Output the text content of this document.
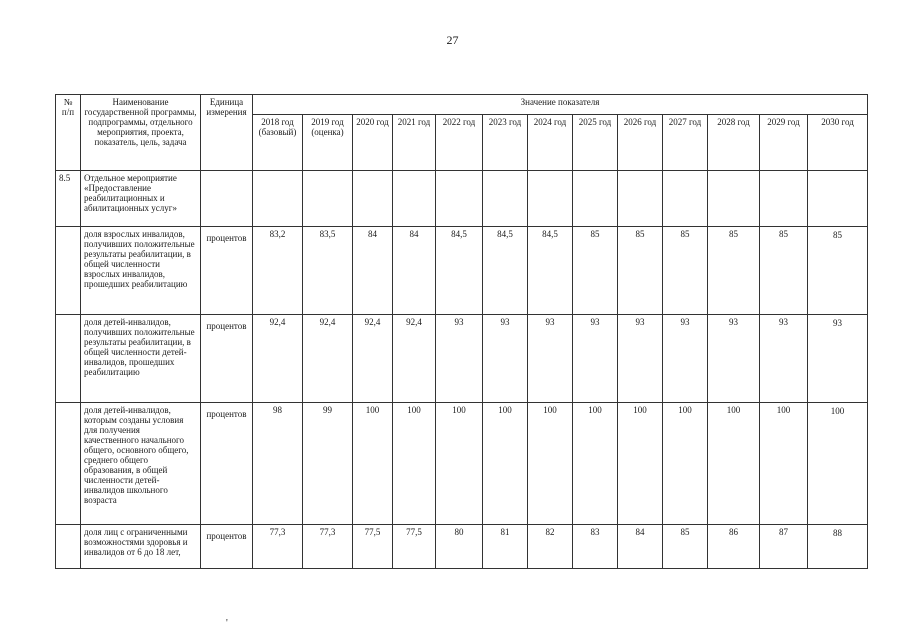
27
№ п/п	Наименование государственной программы, подпрограммы, отдельного мероприятия, проекта, показатель, цель, задача	Единица измерения	Значение показателя												
			2018 год (базовый)	2019 год (оценка)	2020 год	2021 год	2022 год	2023 год	2024 год	2025 год	2026 год	2027 год	2028 год	2029 год	2030 год
8.5	Отдельное мероприятие «Предоставление реабилитационных и абилитационных услуг»														
	доля взрослых инвалидов, получивших положительные результаты реабилитации, в общей численности взрослых инвалидов, прошедших реабилитацию	процентов	83,2	83,5	84	84	84,5	84,5	84,5	85	85	85	85	85	85
	доля детей-инвалидов, получивших положительные результаты реабилитации, в общей численности детей-инвалидов, прошедших реабилитацию	процентов	92,4	92,4	92,4	92,4	93	93	93	93	93	93	93	93	93
	доля детей-инвалидов, которым созданы условия для получения качественного начального общего, основного общего, среднего общего образования, в общей численности детей-инвалидов школьного возраста	процентов	98	99	100	100	100	100	100	100	100	100	100	100	100
	доля лиц с ограниченными возможностями здоровья и инвалидов от 6 до 18 лет,	процентов	77,3	77,3	77,5	77,5	80	81	82	83	84	85	86	87	88
'
